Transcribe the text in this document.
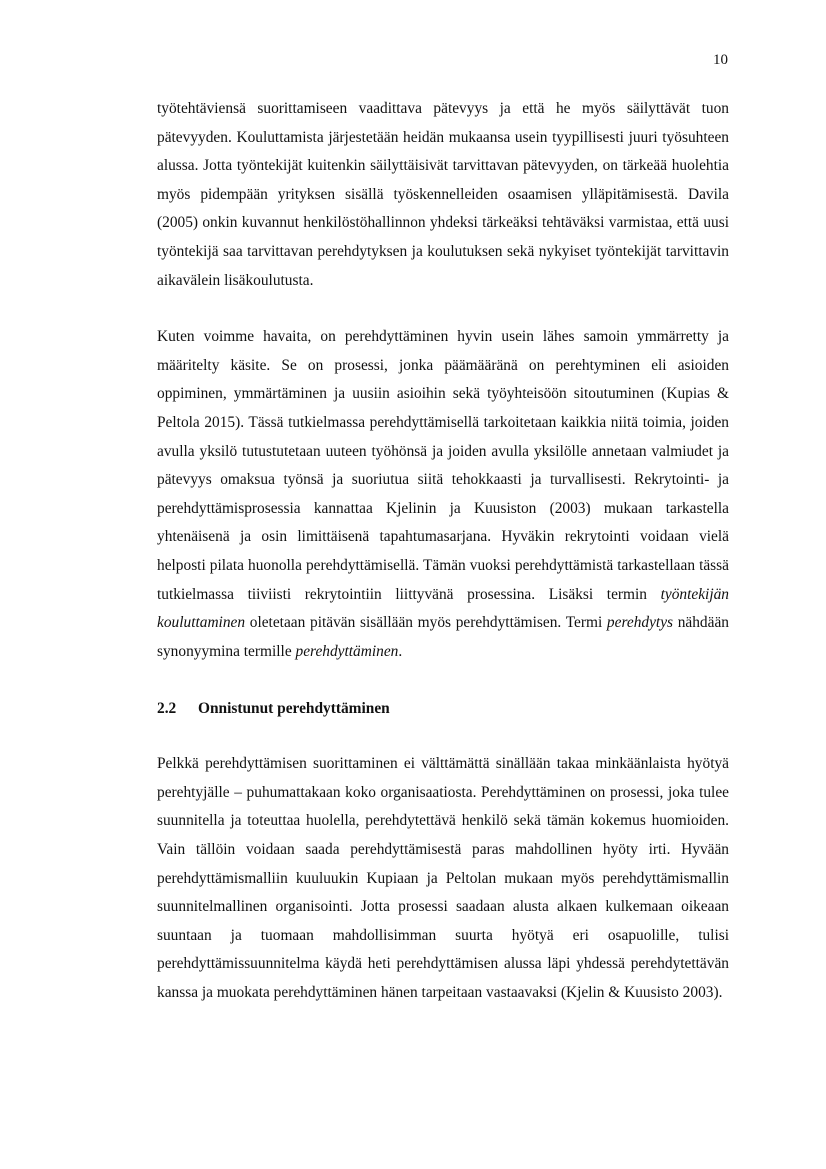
10

työtehtäviensä suorittamiseen vaadittava pätevyys ja että he myös säilyttävät tuon pätevyyden. Kouluttamista järjestetään heidän mukaansa usein tyypillisesti juuri työsuhteen alussa. Jotta työntekijät kuitenkin säilyttäisivät tarvittavan pätevyyden, on tärkeää huolehtia myös pidempään yrityksen sisällä työskennelleiden osaamisen ylläpitämisestä. Davila (2005) onkin kuvannut henkilöstöhallinnon yhdeksi tärkeäksi tehtäväksi varmistaa, että uusi työntekijä saa tarvittavan perehdytyksen ja koulutuksen sekä nykyiset työntekijät tarvittavin aikavälein lisäkoulutusta.

Kuten voimme havaita, on perehdyttäminen hyvin usein lähes samoin ymmärretty ja määritelty käsite. Se on prosessi, jonka päämääränä on perehtyminen eli asioiden oppiminen, ymmärtäminen ja uusiin asioihin sekä työyhteisöön sitoutuminen (Kupias & Peltola 2015). Tässä tutkielmassa perehdyttämisellä tarkoitetaan kaikkia niitä toimia, joiden avulla yksilö tutustutetaan uuteen työhönsä ja joiden avulla yksilölle annetaan valmiudet ja pätevyys omaksua työnsä ja suoriutua siitä tehokkaasti ja turvallisesti. Rekrytointi- ja perehdyttämisprosessia kannattaa Kjelinin ja Kuusiston (2003) mukaan tarkastella yhtenäisenä ja osin limittäisenä tapahtumasarjana. Hyväkin rekrytointi voidaan vielä helposti pilata huonolla perehdyttämisellä. Tämän vuoksi perehdyttämistä tarkastellaan tässä tutkielmassa tiiviisti rekrytointiin liittyvänä prosessina. Lisäksi termin työntekijän kouluttaminen oletetaan pitävän sisällään myös perehdyttämisen. Termi perehdytys nähdään synonyymina termille perehdyttäminen.

2.2	Onnistunut perehdyttäminen

Pelkkä perehdyttämisen suorittaminen ei välttämättä sinällään takaa minkäänlaista hyötyä perehtyjälle – puhumattakaan koko organisaatiosta. Perehdyttäminen on prosessi, joka tulee suunnitella ja toteuttaa huolella, perehdytettävä henkilö sekä tämän kokemus huomioiden. Vain tällöin voidaan saada perehdyttämisestä paras mahdollinen hyöty irti. Hyvään perehdyttämismalliin kuuluukin Kupiaan ja Peltolan mukaan myös perehdyttämismallin suunnitelmallinen organisointi. Jotta prosessi saadaan alusta alkaen kulkemaan oikeaan suuntaan ja tuomaan mahdollisimman suurta hyötyä eri osapuolille, tulisi perehdyttämissuunnitelma käydä heti perehdyttämisen alussa läpi yhdessä perehdytettävän kanssa ja muokata perehdyttäminen hänen tarpeitaan vastaavaksi (Kjelin & Kuusisto 2003).
